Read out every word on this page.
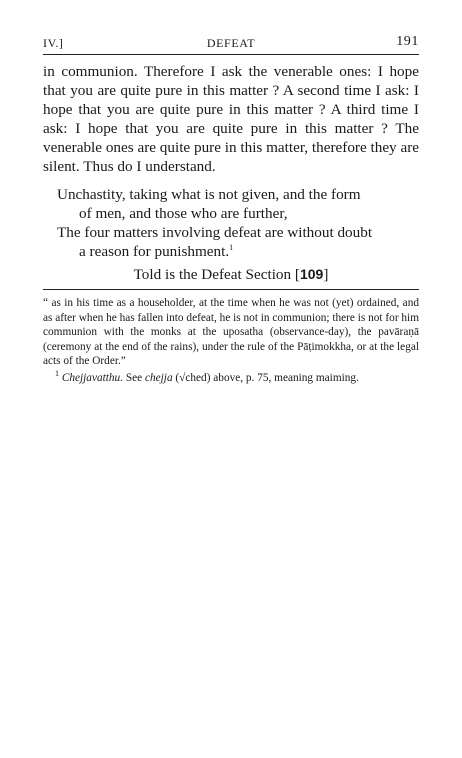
IV.]	DEFEAT	191

in communion. Therefore I ask the venerable ones: I hope that you are quite pure in this matter ? A second time I ask: I hope that you are quite pure in this matter ? A third time I ask: I hope that you are quite pure in this matter ? The venerable ones are quite pure in this matter, therefore they are silent. Thus do I understand.

Unchastity, taking what is not given, and the form

of men, and those who are further,

The four matters involving defeat are without doubt

a reason for punishment.$^1$

Told is the Defeat Section [109]

“ as in his time as a householder, at the time when he was not (yet) ordained, and as after when he has fallen into defeat, he is not in communion; there is not for him communion with the monks at the uposatha (observance-day), the pavāraṇā (ceremony at the end of the rains), under the rule of the Pāṭimokkha, or at the legal acts of the Order.”

$^1$ Chejjavatthu. See chejja (√ched) above, p. 75, meaning maiming.
